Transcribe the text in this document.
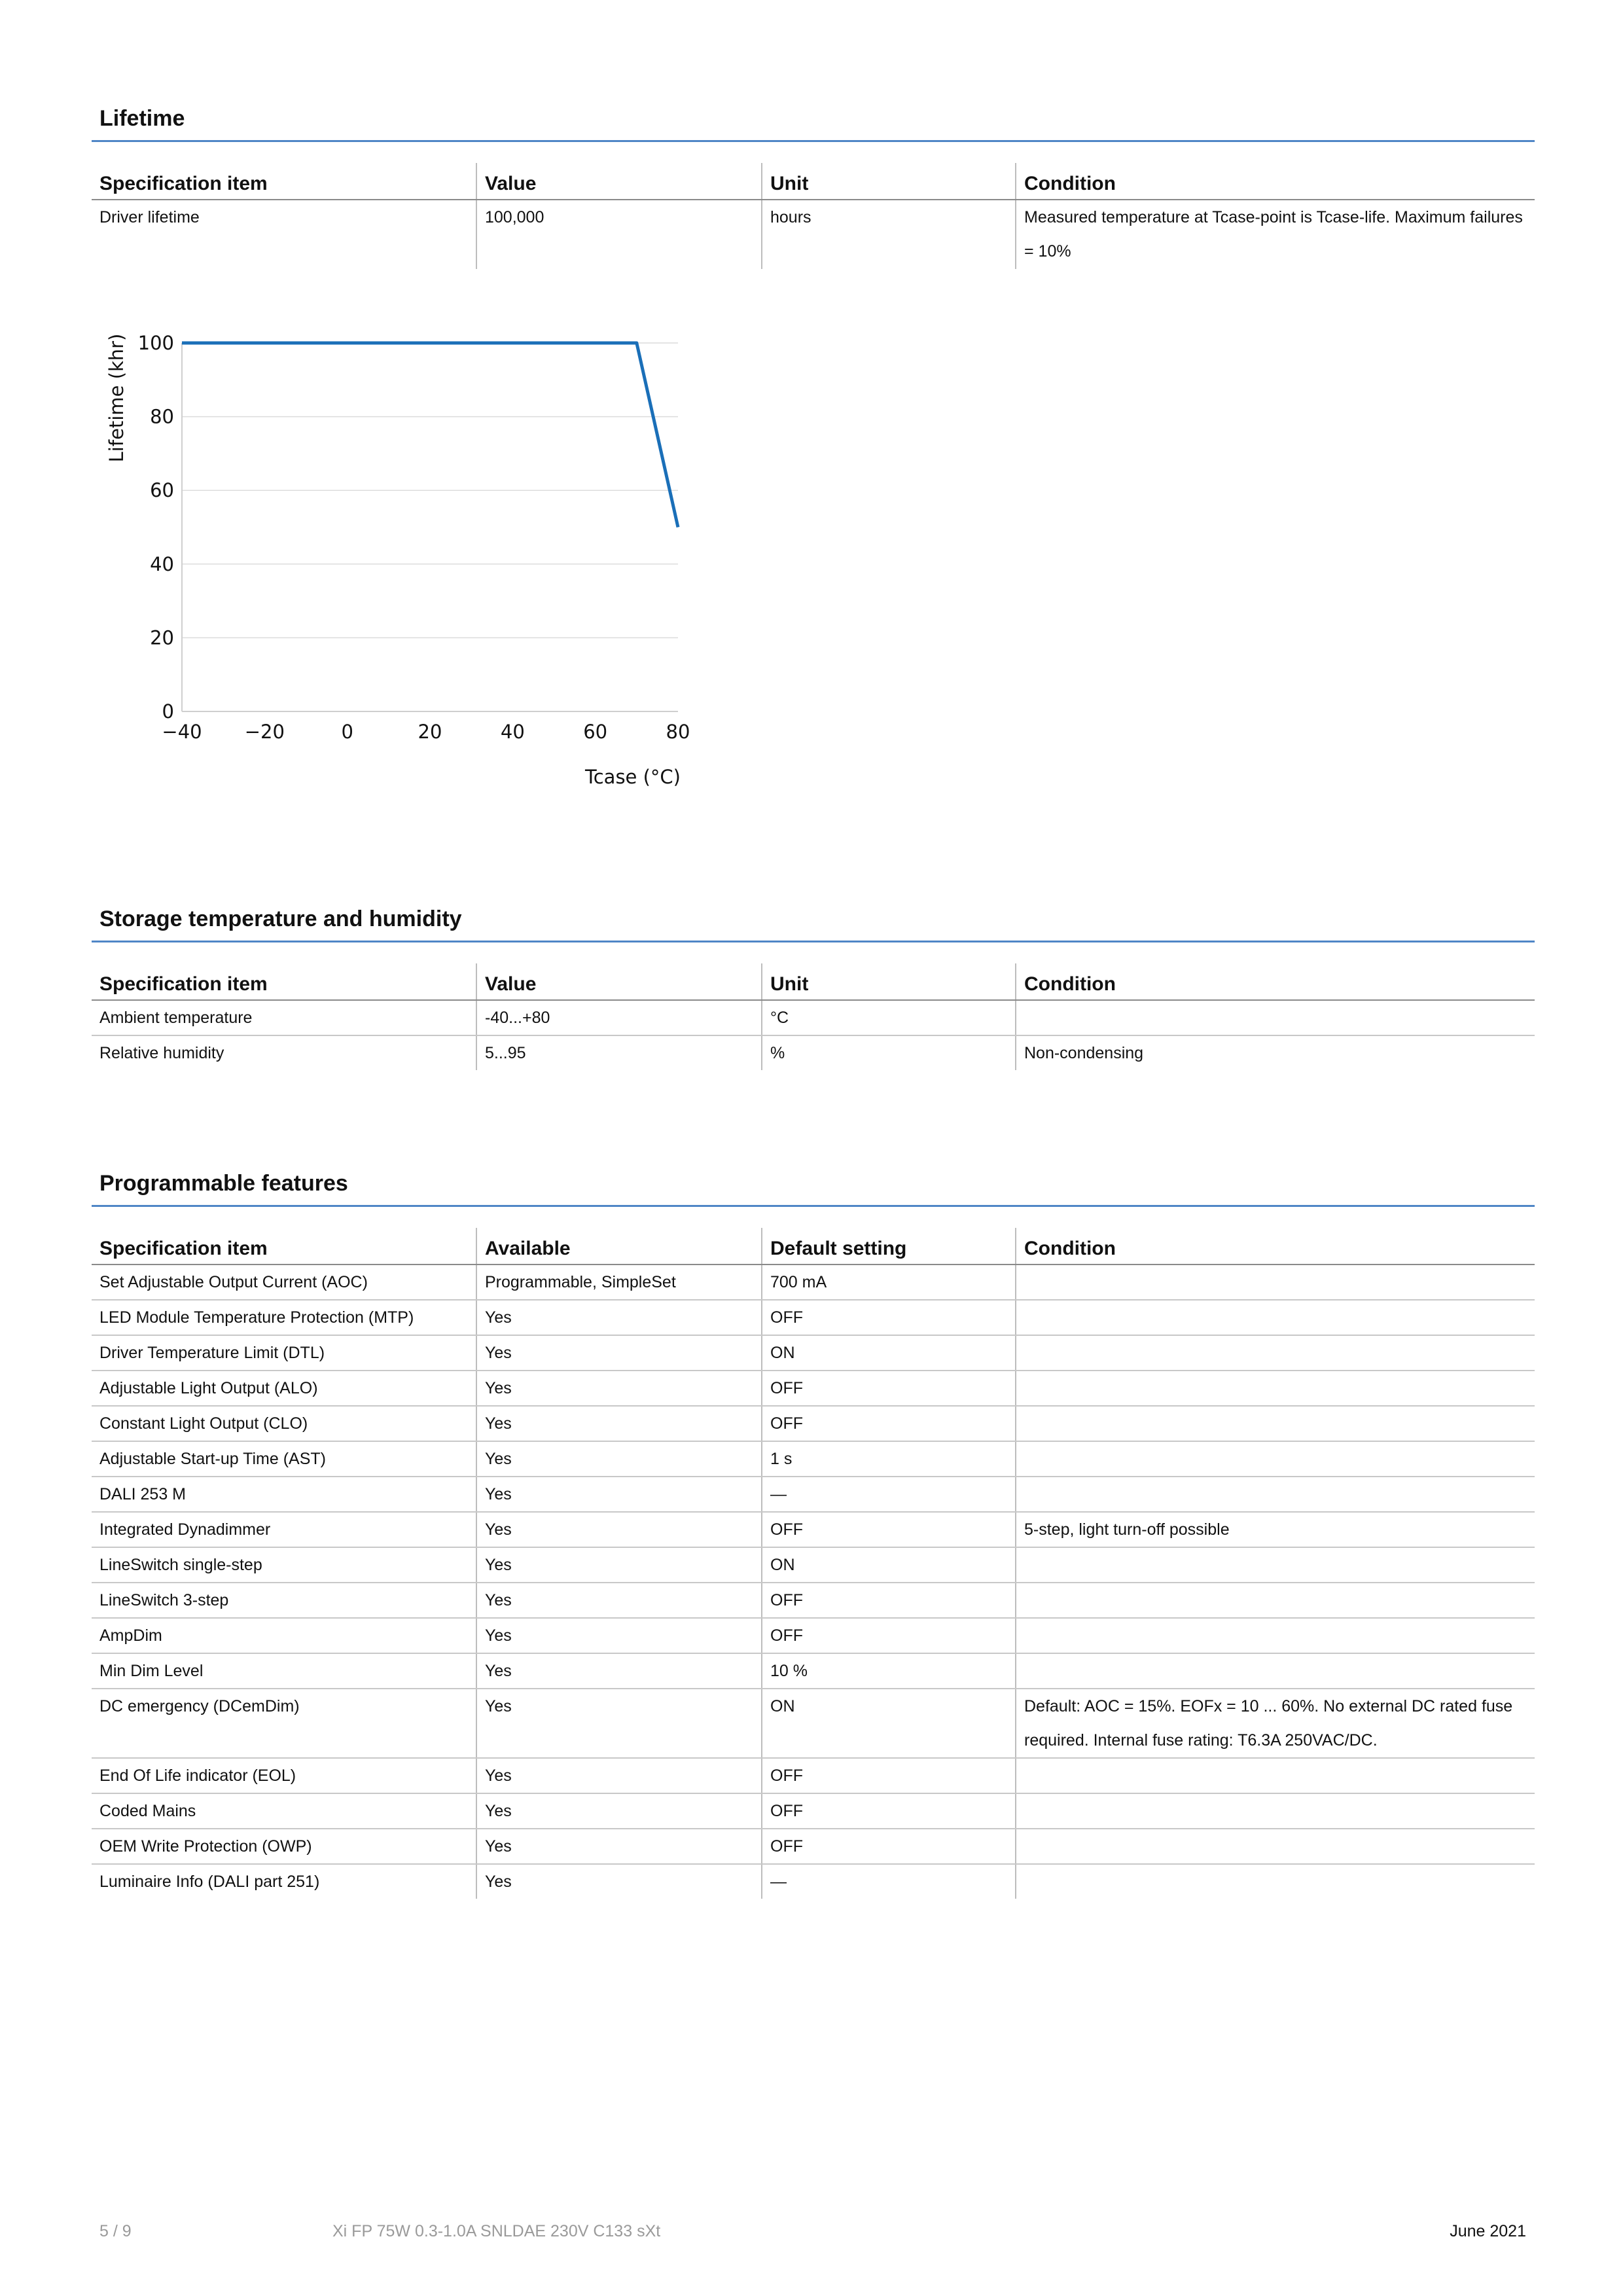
Lifetime
Specification item	Value	Unit	Condition
Driver lifetime	100,000	hours	Measured temperature at Tcase-point is Tcase-life. Maximum failures = 10%
0
20
40
60
80
100
−40 −20	0	20	40	60	80
Tcase (°C)
Lifetime (khr)
Storage temperature and humidity
Specification item	Value	Unit	Condition
Ambient temperature	-40...+80	°C	
Relative humidity	5...95	%	Non-condensing
Programmable features
Specification item	Available	Default setting	Condition
Set Adjustable Output Current (AOC)	Programmable, SimpleSet	700 mA	
LED Module Temperature Protection (MTP)	Yes	OFF	
Driver Temperature Limit (DTL)	Yes	ON	
Adjustable Light Output (ALO)	Yes	OFF	
Constant Light Output (CLO)	Yes	OFF	
Adjustable Start-up Time (AST)	Yes	1 s	
DALI 253 M	Yes	—	
Integrated Dynadimmer	Yes	OFF	5-step, light turn-off possible
LineSwitch single-step	Yes	ON	
LineSwitch 3-step	Yes	OFF	
AmpDim	Yes	OFF	
Min Dim Level	Yes	10 %	
DC emergency (DCemDim)	Yes	ON	Default: AOC = 15%. EOFx = 10 ... 60%. No external DC rated fuse required. Internal fuse rating: T6.3A 250VAC/DC.
End Of Life indicator (EOL)	Yes	OFF	
Coded Mains	Yes	OFF	
OEM Write Protection (OWP)	Yes	OFF	
Luminaire Info (DALI part 251)	Yes	—	
5 / 9	Xi FP 75W 0.3-1.0A SNLDAE 230V C133 sXt	June 2021
